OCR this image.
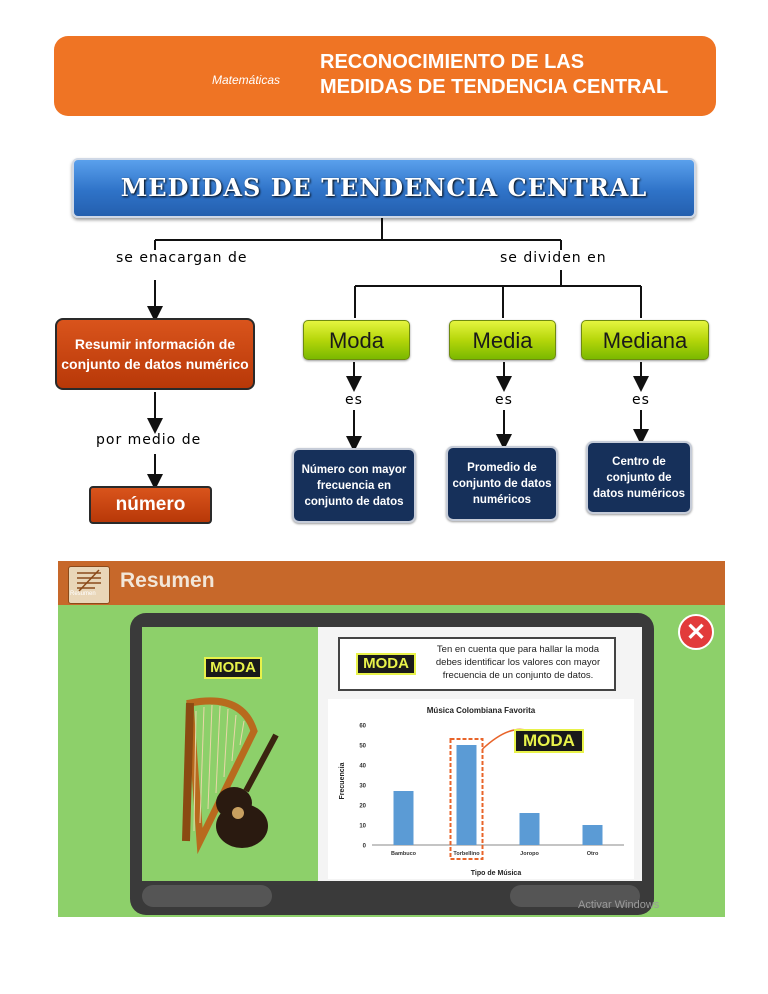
Matemáticas
RECONOCIMIENTO DE LAS
MEDIDAS DE TENDENCIA CENTRAL
MEDIDAS DE TENDENCIA CENTRAL
se enacargan de	se dividen en
Resumir información de conjunto de datos numérico
por medio de
número
Moda	Media	Mediana
es	es	es
Número con mayor frecuencia en conjunto de datos
Promedio de conjunto de datos numéricos
Centro de conjunto de datos numéricos
Resumen
Resumen
MODA	MODA
Ten en cuenta que para hallar la moda debes identificar los valores con mayor frecuencia de un conjunto de datos.
Música Colombiana Favorita
Frecuencia
Tipo de Música
0
10
20
30
40
50
60
Bambuco	Torbellino	Joropo	Otro
MODA
✕
Activar Windows
